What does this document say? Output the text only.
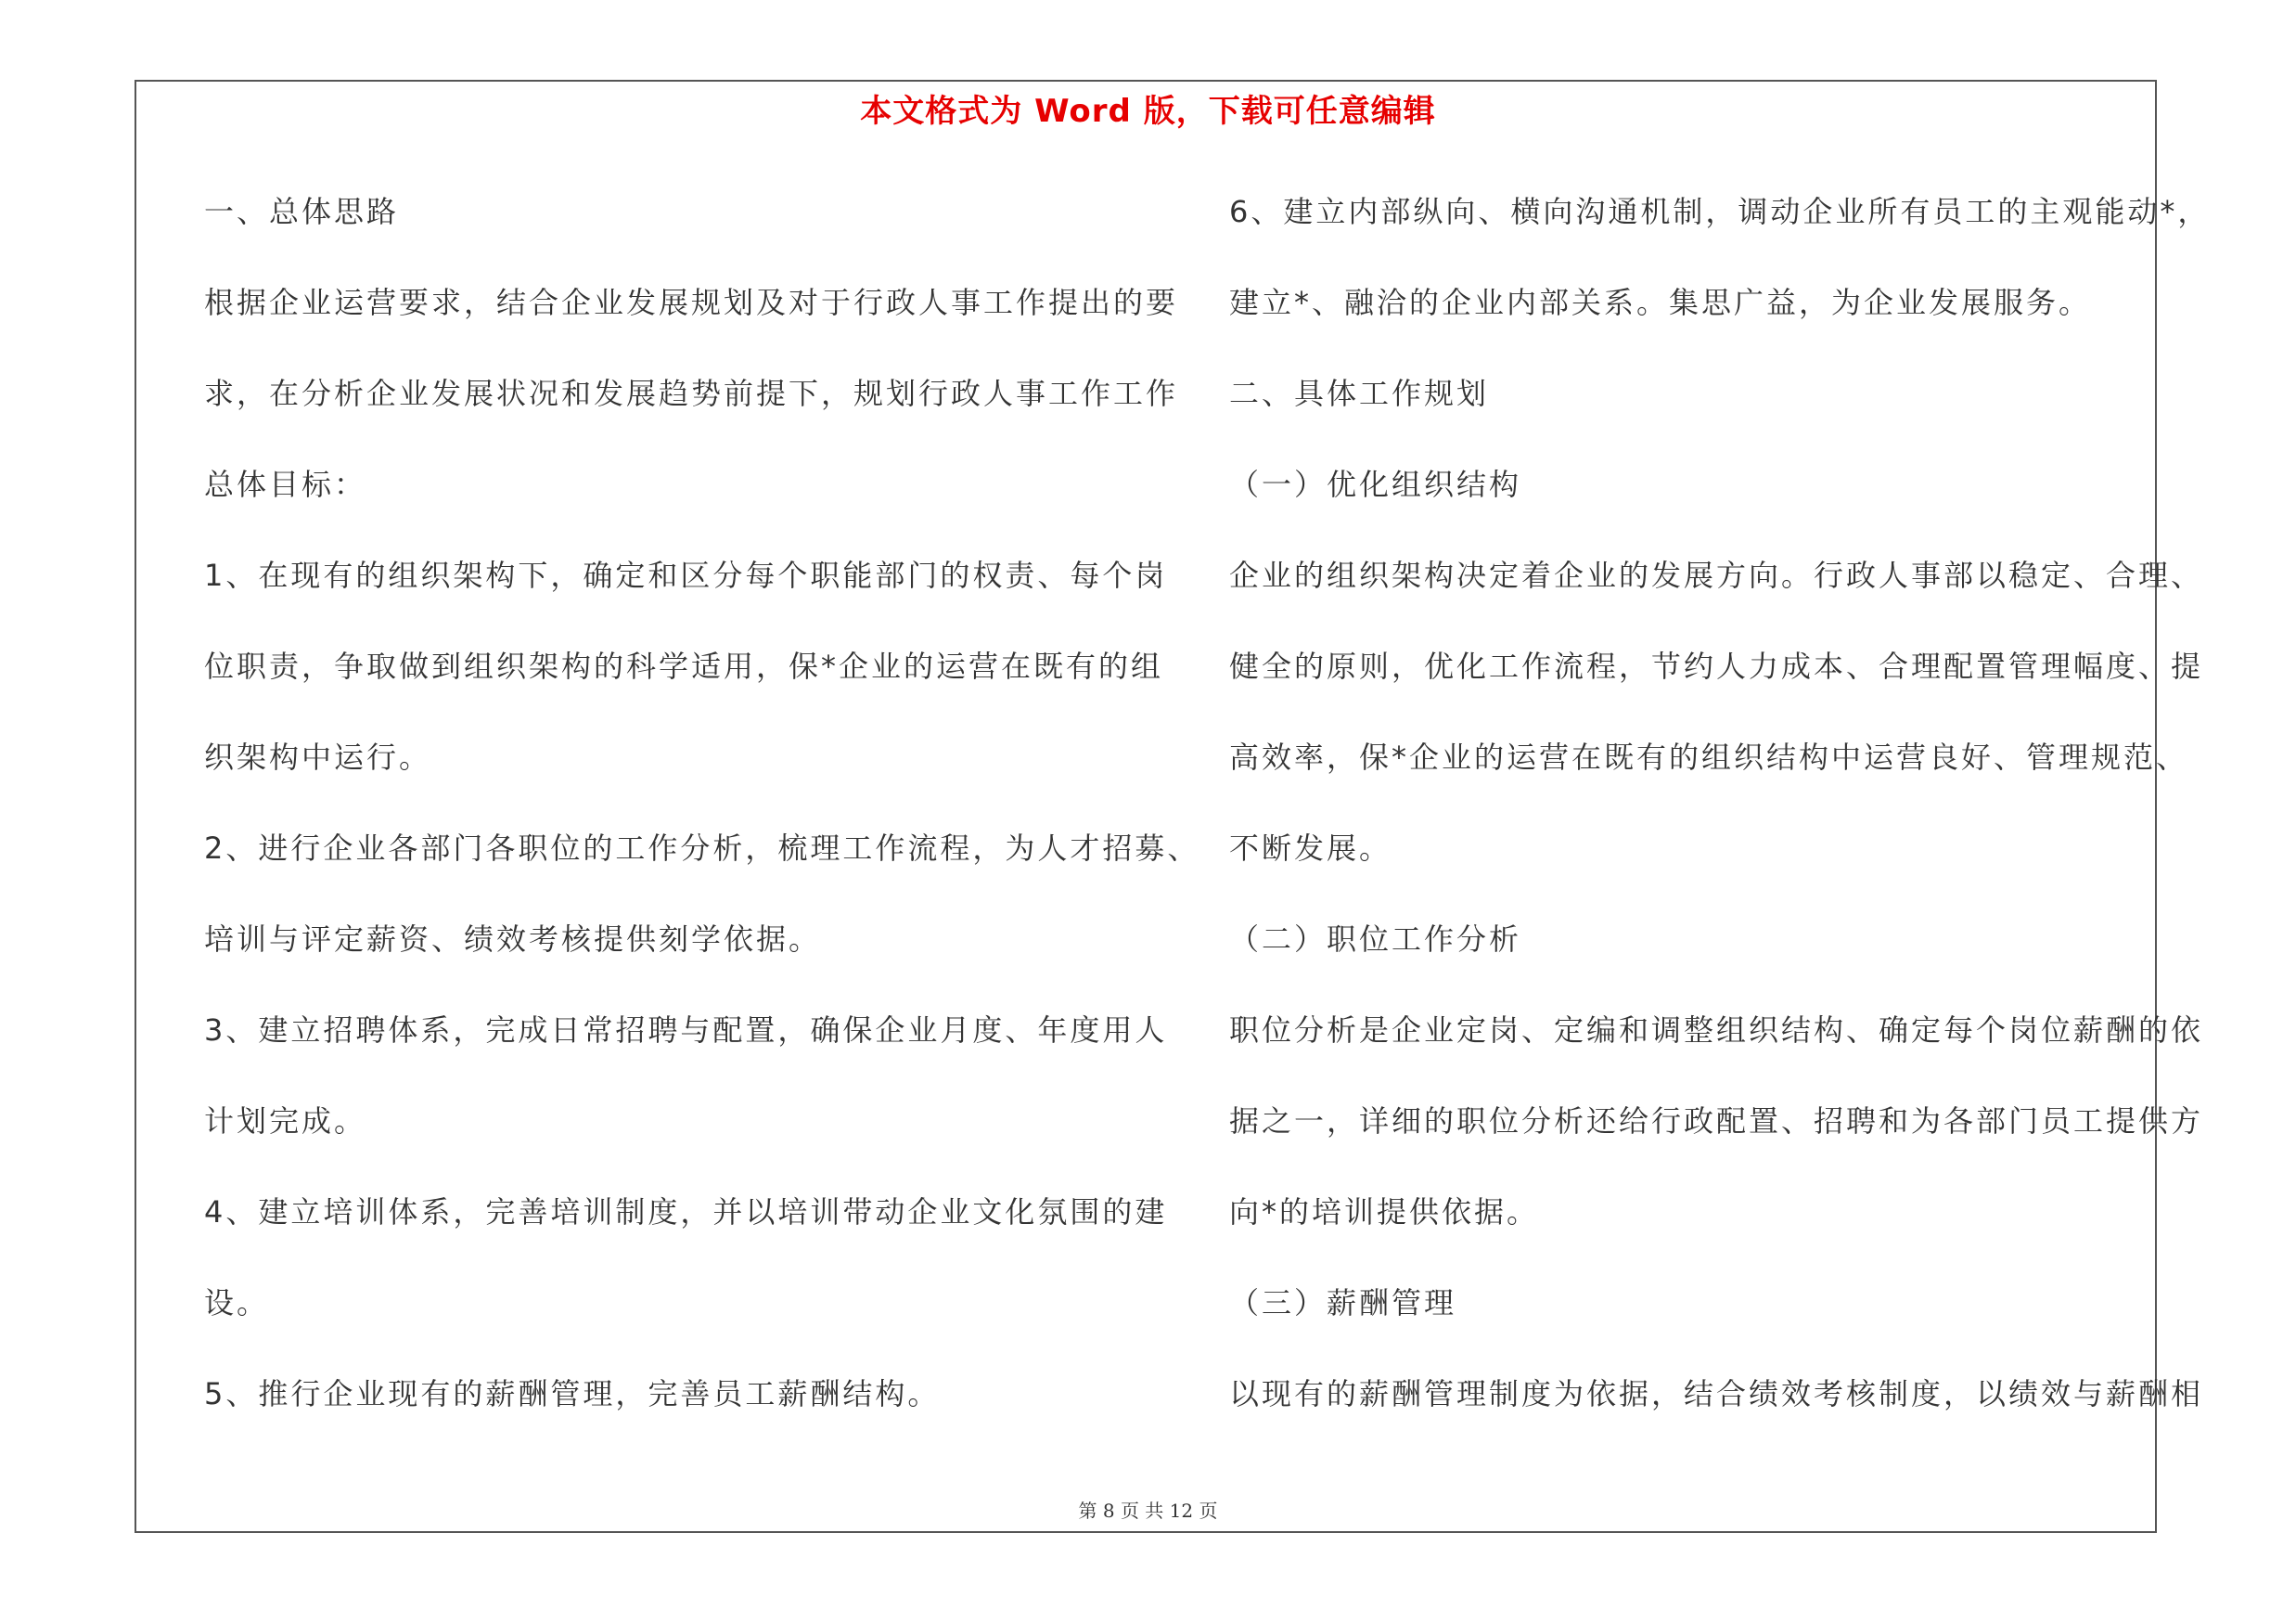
本文格式为 Word 版，下载可任意编辑
一、总体思路
根据企业运营要求，结合企业发展规划及对于行政人事工作提出的要
求，在分析企业发展状况和发展趋势前提下，规划行政人事工作工作
总体目标：
1、在现有的组织架构下，确定和区分每个职能部门的权责、每个岗
位职责，争取做到组织架构的科学适用，保*企业的运营在既有的组
织架构中运行。
2、进行企业各部门各职位的工作分析，梳理工作流程，为人才招募、
培训与评定薪资、绩效考核提供刻学依据。
3、建立招聘体系，完成日常招聘与配置，确保企业月度、年度用人
计划完成。
4、建立培训体系，完善培训制度，并以培训带动企业文化氛围的建
设。
5、推行企业现有的薪酬管理，完善员工薪酬结构。
6、建立内部纵向、横向沟通机制，调动企业所有员工的主观能动*，
建立*、融洽的企业内部关系。集思广益，为企业发展服务。
二、具体工作规划
（一）优化组织结构
企业的组织架构决定着企业的发展方向。行政人事部以稳定、合理、
健全的原则，优化工作流程，节约人力成本、合理配置管理幅度、提
高效率，保*企业的运营在既有的组织结构中运营良好、管理规范、
不断发展。
（二）职位工作分析
职位分析是企业定岗、定编和调整组织结构、确定每个岗位薪酬的依
据之一，详细的职位分析还给行政配置、招聘和为各部门员工提供方
向*的培训提供依据。
（三）薪酬管理
以现有的薪酬管理制度为依据，结合绩效考核制度，以绩效与薪酬相
第 8 页 共 12 页
